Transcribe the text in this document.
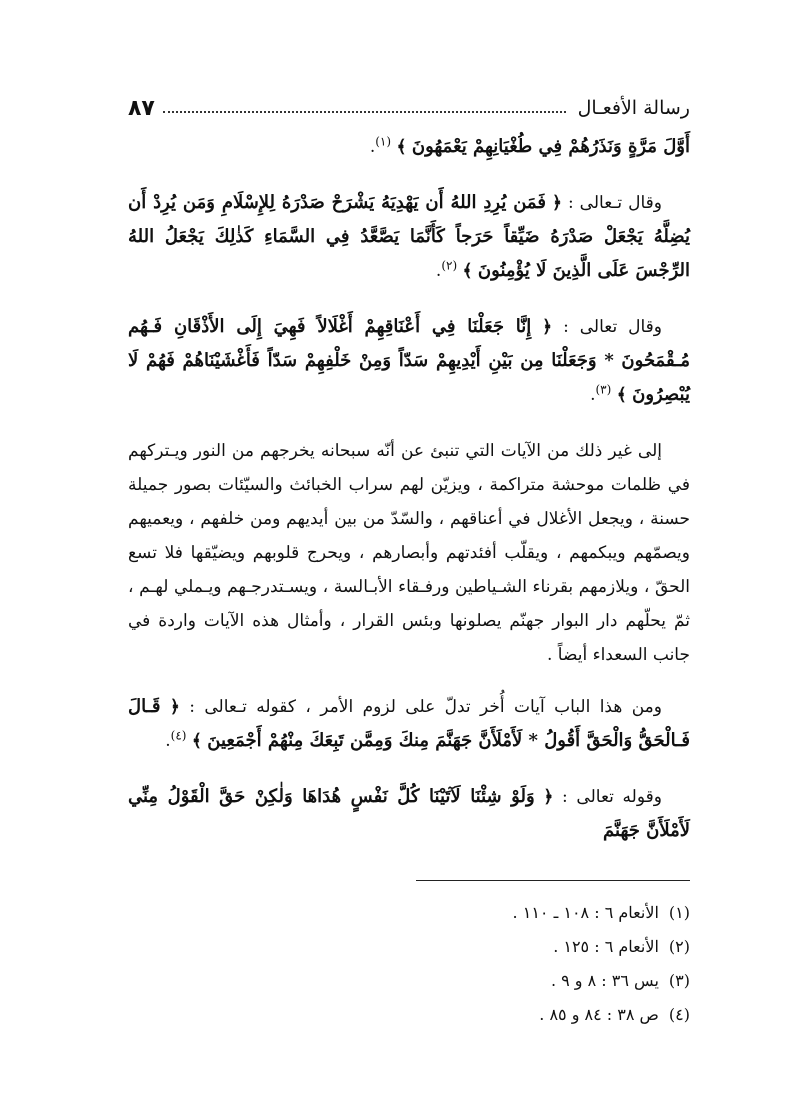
رسالة الأفعـال
٨٧

أَوَّلَ مَرَّةٍ وَنَذَرُهُمْ فِي طُغْيَانِهِمْ يَعْمَهُونَ ﴾ $^{(١)}$.

وقال تـعالى : ﴿ فَمَن يُرِدِ اللهُ أَن يَهْدِيَهُ يَشْرَحْ صَدْرَهُ لِلإِسْلَامِ وَمَن يُرِدْ أَن يُضِلَّهُ يَجْعَلْ صَدْرَهُ ضَيِّقاً حَرَجاً كَأَنَّمَا يَصَّعَّدُ فِي السَّمَاءِ كَذٰلِكَ يَجْعَلُ اللهُ الرِّجْسَ عَلَى الَّذِينَ لَا يُؤْمِنُونَ ﴾ $^{(٢)}$.

وقال تعالى : ﴿ إِنَّا جَعَلْنَا فِي أَعْنَاقِهِمْ أَغْلَالاً فَهِيَ إِلَى الأَذْقَانِ فَـهُم مُـقْمَحُونَ * وَجَعَلْنَا مِن بَيْنِ أَيْدِيهِمْ سَدّاً وَمِنْ خَلْفِهِمْ سَدّاً فَأَغْشَيْنَاهُمْ فَهُمْ لَا يُبْصِرُونَ ﴾ $^{(٣)}$.

إلى غير ذلك من الآيات التي تنبئ عن أنّه سبحانه يخرجهم من النور ويـتركهم في ظلمات موحشة متراكمة ، ويزيّن لهم سراب الخبائث والسيّئات بصور جميلة حسنة ، ويجعل الأغلال في أعناقهم ، والسّدّ من بين أيديهم ومن خلفهم ، ويعميهم ويصمّهم ويبكمهم ، ويقلّب أفئدتهم وأبصارهم ، ويحرج قلوبهم ويضيّقها فلا تسع الحقّ ، ويلازمهم بقرناء الشـياطين ورفـقاء الأبـالسة ، ويسـتدرجـهم ويـملي لهـم ، ثمّ يحلّهم دار البوار جهنّم يصلونها وبئس القرار ، وأمثال هذه الآيات واردة في جانب السعداء أيضاً .

ومن هذا الباب آيات أُخر تدلّ على لزوم الأمر ، كقوله تـعالى : ﴿ قَـالَ فَـالْحَقُّ وَالْحَقَّ أَقُولُ * لَأَمْلَأَنَّ جَهَنَّمَ مِنكَ وَمِمَّن تَبِعَكَ مِنْهُمْ أَجْمَعِينَ ﴾ $^{(٤)}$.

وقوله تعالى : ﴿ وَلَوْ شِئْنَا لَآتَيْنَا كُلَّ نَفْسٍ هُدَاهَا وَلٰكِنْ حَقَّ الْقَوْلُ مِنِّي لَأَمْلَأَنَّ جَهَنَّمَ

(١)الأنعام ٦ : ١٠٨ ـ ١١٠ .
(٢)الأنعام ٦ : ١٢٥ .
(٣)يس ٣٦ : ٨ و ٩ .
(٤)ص ٣٨ : ٨٤ و ٨٥ .
